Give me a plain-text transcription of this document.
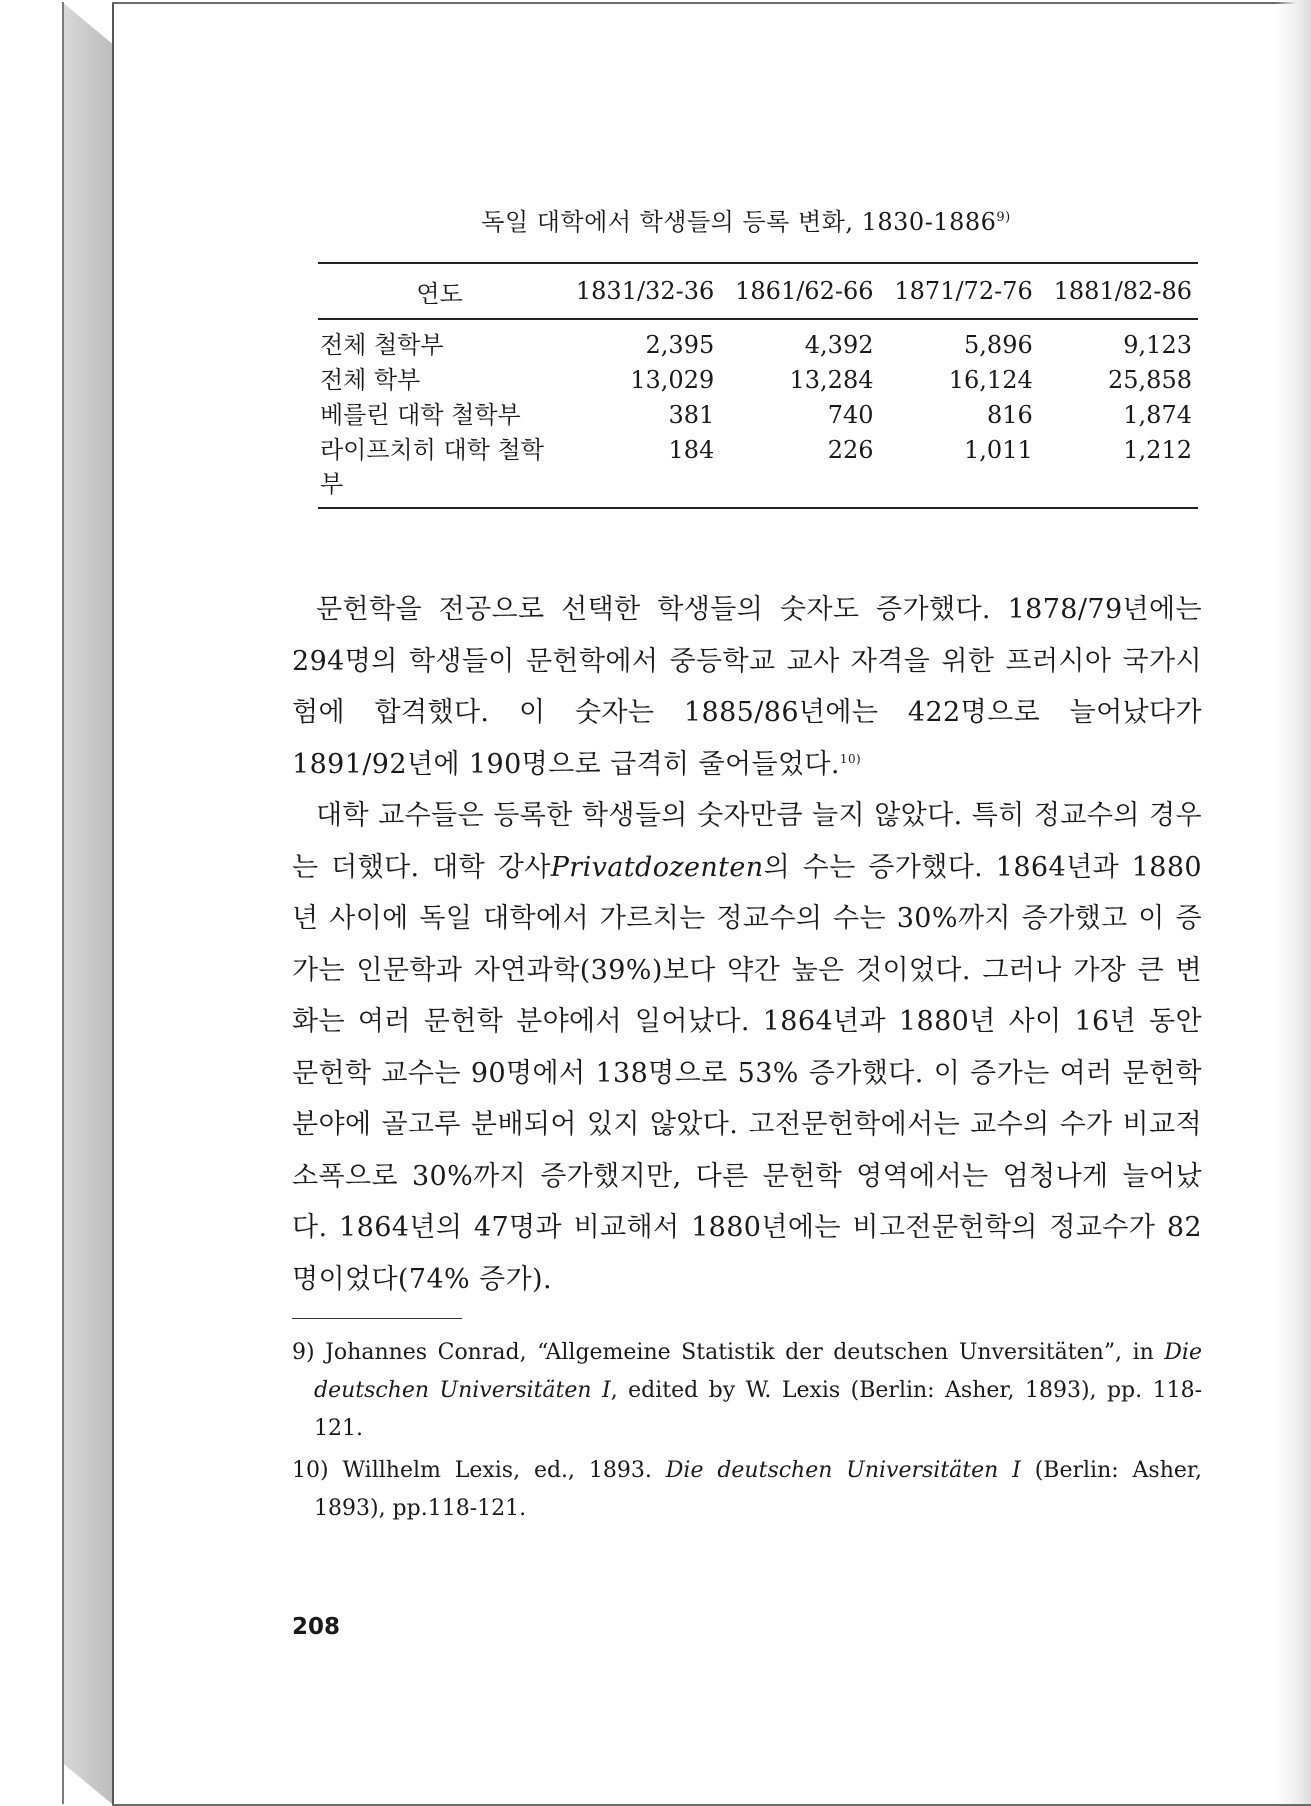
독일 대학에서 학생들의 등록 변화, 1830-1886$^{9)}$
연도	1831/32-36	1861/62-66	1871/72-76	1881/82-86
전체 철학부	2,395	4,392	5,896	9,123
전체 학부	13,029	13,284	16,124	25,858
베를린 대학 철학부	381	740	816	1,874
라이프치히 대학 철학부	184	226	1,011	1,212

문헌학을 전공으로 선택한 학생들의 숫자도 증가했다. 1878/79년에는 294명의 학생들이 문헌학에서 중등학교 교사 자격을 위한 프러시아 국가시험에 합격했다. 이 숫자는 1885/86년에는 422명으로 늘어났다가 1891/92년에 190명으로 급격히 줄어들었다.$^{10)}$

대학 교수들은 등록한 학생들의 숫자만큼 늘지 않았다. 특히 정교수의 경우는 더했다. 대학 강사Privatdozenten의 수는 증가했다. 1864년과 1880년 사이에 독일 대학에서 가르치는 정교수의 수는 30%까지 증가했고 이 증가는 인문학과 자연과학(39%)보다 약간 높은 것이었다. 그러나 가장 큰 변화는 여러 문헌학 분야에서 일어났다. 1864년과 1880년 사이 16년 동안 문헌학 교수는 90명에서 138명으로 53% 증가했다. 이 증가는 여러 문헌학 분야에 골고루 분배되어 있지 않았다. 고전문헌학에서는 교수의 수가 비교적 소폭으로 30%까지 증가했지만, 다른 문헌학 영역에서는 엄청나게 늘어났다. 1864년의 47명과 비교해서 1880년에는 비고전문헌학의 정교수가 82명이었다(74% 증가).

9) Johannes Conrad, “Allgemeine Statistik der deutschen Unversitäten”, in Die deutschen Universitäten I, edited by W. Lexis (Berlin: Asher, 1893), pp. 118-121.

10) Willhelm Lexis, ed., 1893. Die deutschen Universitäten I (Berlin: Asher, 1893), pp.118-121.

208
